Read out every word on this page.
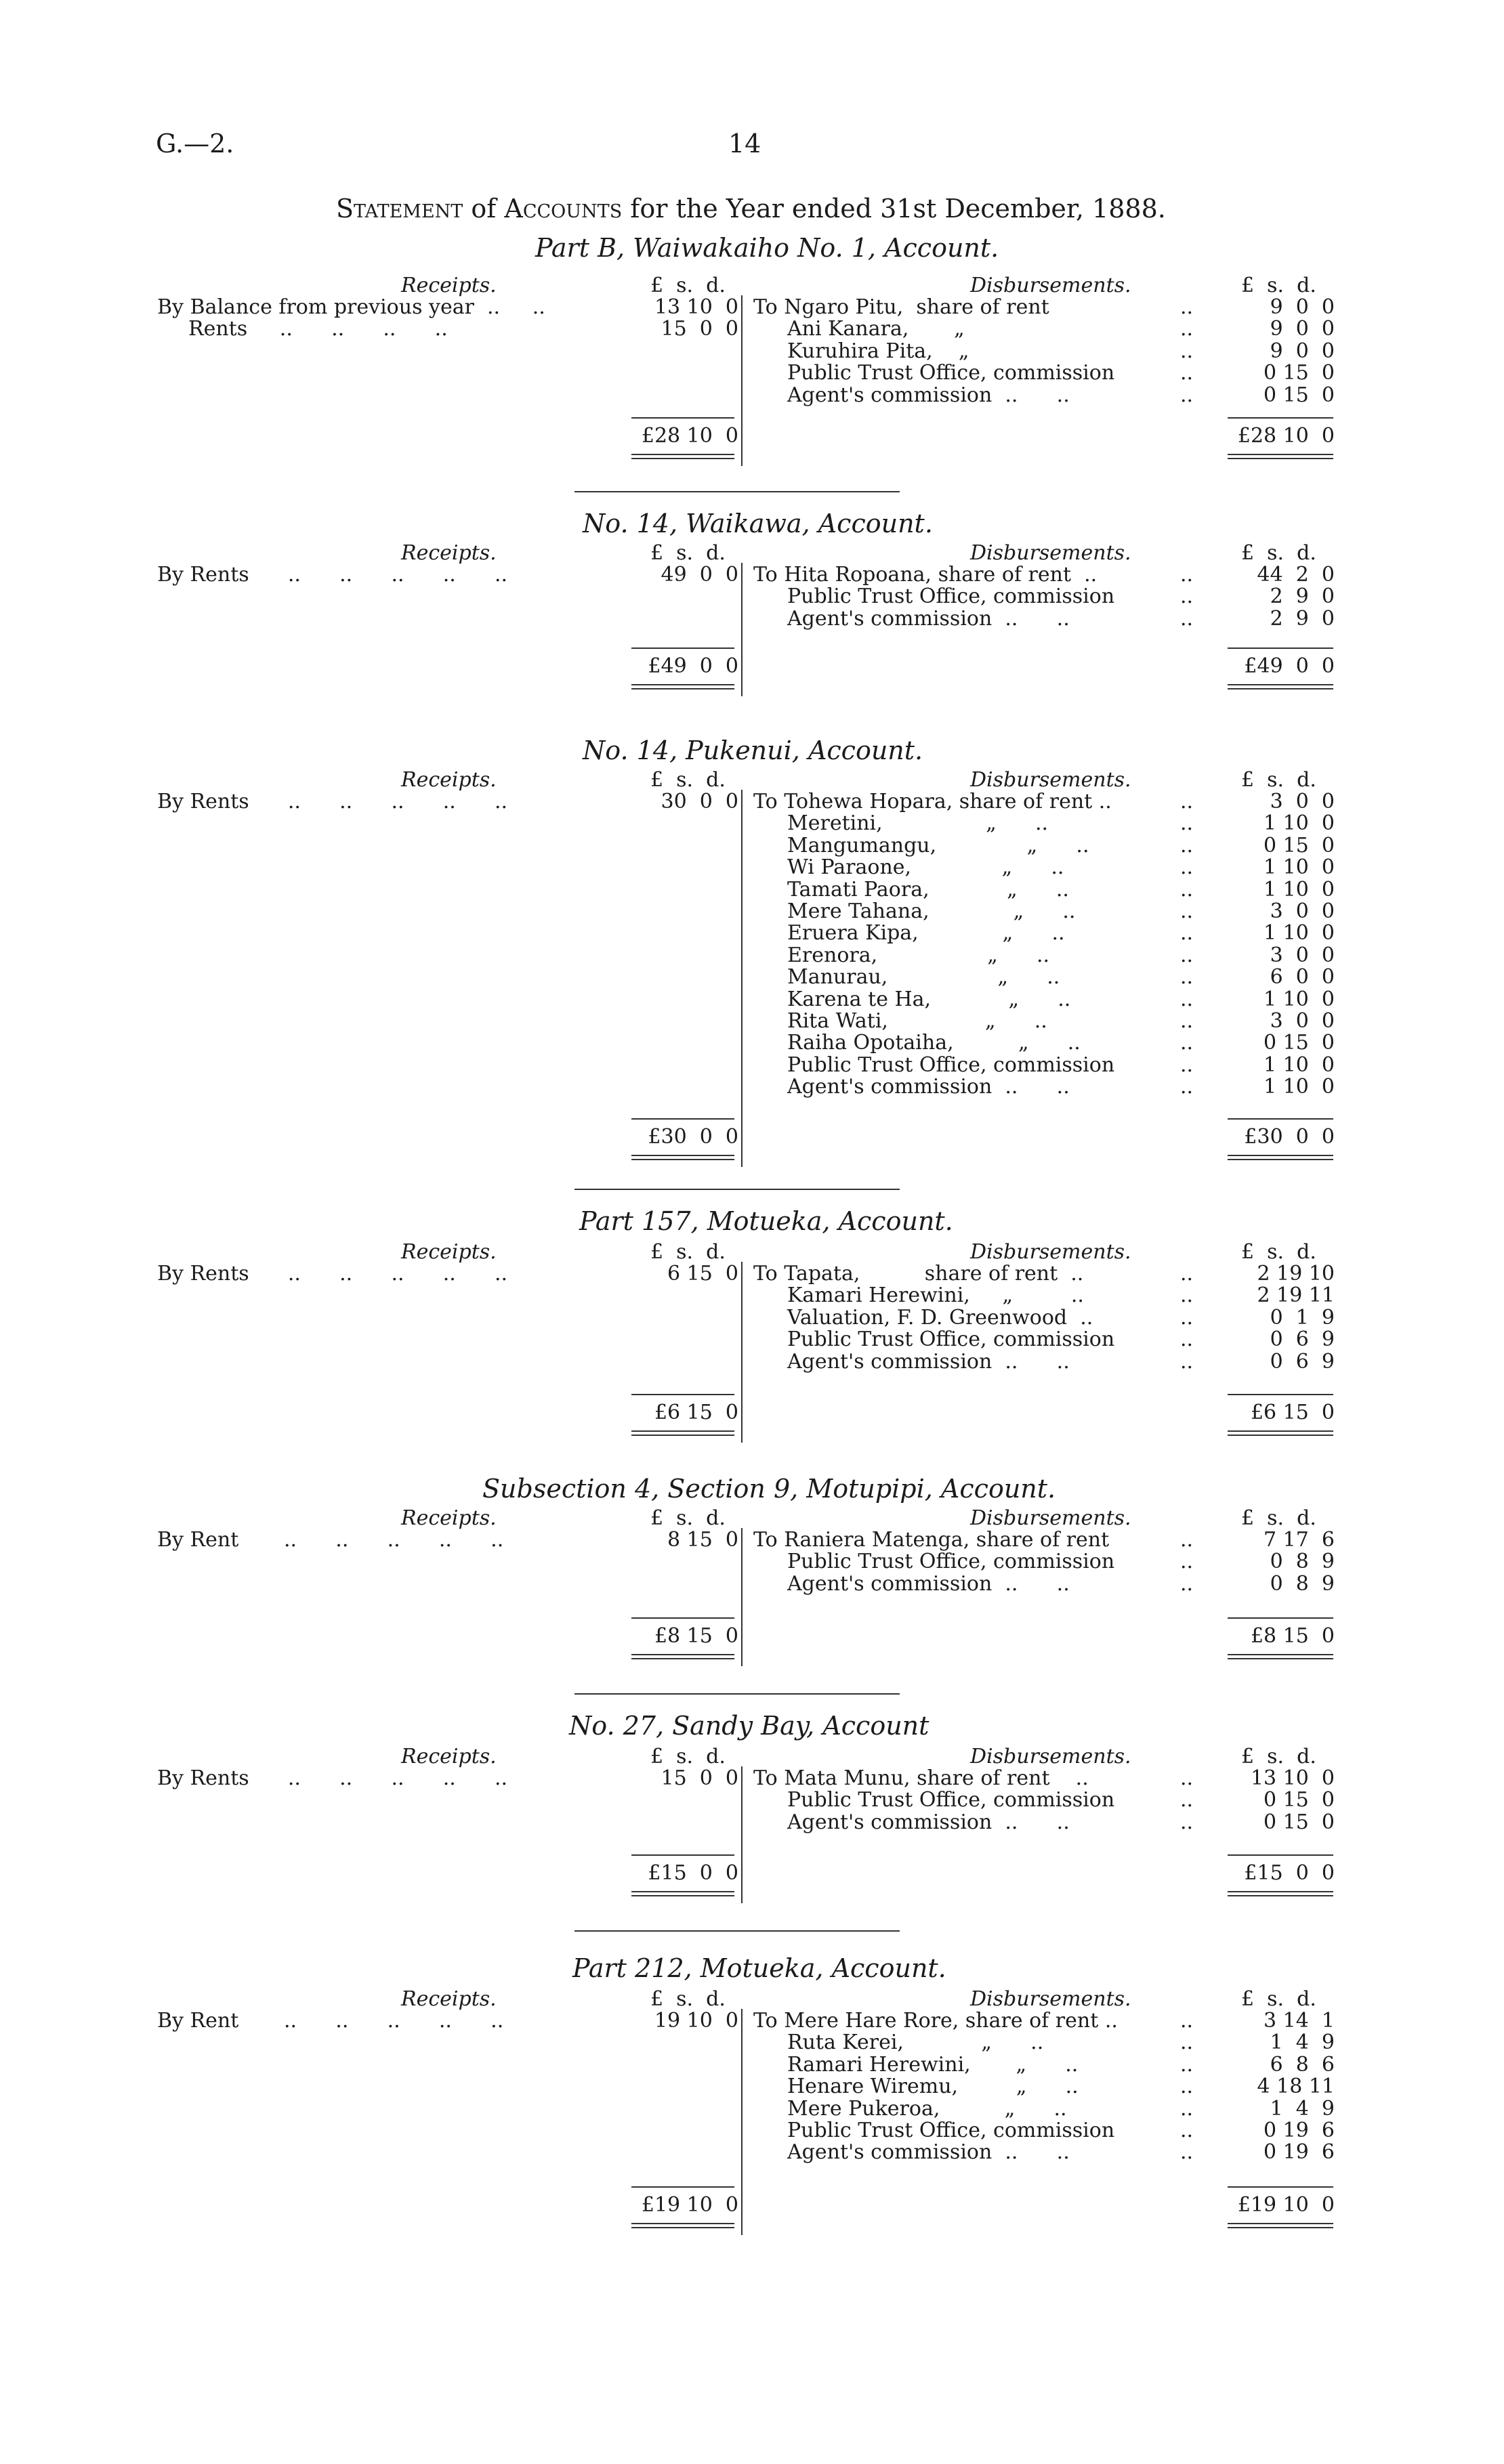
G.—2.	14
Statement of Accounts for the Year ended 31st December, 1888.
Part B, Waiwakaiho No. 1, Account.
Receipts.	£  s.  d.	Disbursements.	£  s.  d.
By Balance from previous year  ..     ..	13 10  0
Rents     ..      ..      ..      ..	15  0  0
To Ngaro Pitu,  share of rent	..	9  0  0
Ani Kanara,       „	..	9  0  0
Kuruhira Pita,    „	..	9  0  0
Public Trust Office, commission	..	0 15  0
Agent's commission  ..      ..	..	0 15  0
£28 10  0	£28 10  0
No. 14, Waikawa, Account.
Receipts.	£  s.  d.	Disbursements.	£  s.  d.
By Rents      ..      ..      ..      ..      ..	49  0  0 To Hita Ropoana, share of rent  ..	..	44  2  0
Public Trust Office, commission	..	2  9  0
Agent's commission  ..      ..	..	2  9  0
£49  0  0	£49  0  0
No. 14, Pukenui, Account.
Receipts.	£  s.  d.	Disbursements.	£  s.  d.
By Rents      ..      ..      ..      ..      ..	30  0  0 To Tohewa Hopara, share of rent ..	..	3  0  0
Meretini,                „      ..	..	1 10  0
Mangumangu,              „      ..	..	0 15  0
Wi Paraone,              „      ..	..	1 10  0
Tamati Paora,            „      ..	..	1 10  0
Mere Tahana,             „      ..	..	3  0  0
Eruera Kipa,             „      ..	..	1 10  0
Erenora,                 „      ..	..	3  0  0
Manurau,                 „      ..	..	6  0  0
Karena te Ha,            „      ..	..	1 10  0
Rita Wati,               „      ..	..	3  0  0
Raiha Opotaiha,          „      ..	..	0 15  0
Public Trust Office, commission	..	1 10  0
Agent's commission  ..      ..	..	1 10  0
£30  0  0	£30  0  0
Part 157, Motueka, Account.
Receipts.	£  s.  d.	Disbursements.	£  s.  d.
By Rents      ..      ..      ..      ..      ..	6 15  0 To Tapata,          share of rent  ..	..	2 19 10
Kamari Herewini,     „         ..	..	2 19 11
Valuation, F. D. Greenwood  ..	..	0  1  9
Public Trust Office, commission	..	0  6  9
Agent's commission  ..      ..	..	0  6  9
£6 15  0	£6 15  0
Subsection 4, Section 9, Motupipi, Account.
Receipts.	£  s.  d.	Disbursements.	£  s.  d.
By Rent       ..      ..      ..      ..      ..	8 15  0 To Raniera Matenga, share of rent	..	7 17  6
Public Trust Office, commission	..	0  8  9
Agent's commission  ..      ..	..	0  8  9
£8 15  0	£8 15  0
No. 27, Sandy Bay, Account
Receipts.	£  s.  d.	Disbursements.	£  s.  d.
By Rents      ..      ..      ..      ..      ..	15  0  0 To Mata Munu, share of rent    ..	..	13 10  0
Public Trust Office, commission	..	0 15  0
Agent's commission  ..      ..	..	0 15  0
£15  0  0	£15  0  0
Part 212, Motueka, Account.
Receipts.	£  s.  d.	Disbursements.	£  s.  d.
By Rent       ..      ..      ..      ..      ..	19 10  0 To Mere Hare Rore, share of rent ..	..	3 14  1
Ruta Kerei,            „      ..	..	1  4  9
Ramari Herewini,       „      ..	..	6  8  6
Henare Wiremu,         „      ..	..	4 18 11
Mere Pukeroa,          „      ..	..	1  4  9
Public Trust Office, commission	..	0 19  6
Agent's commission  ..      ..	..	0 19  6
£19 10  0	£19 10  0
